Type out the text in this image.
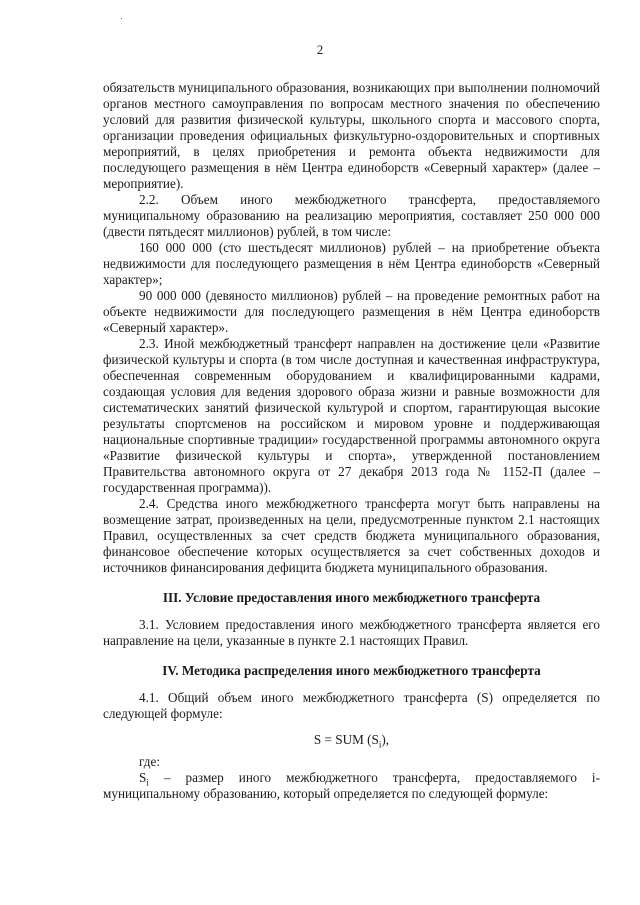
2

обязательств муниципального образования, возникающих при выполнении полномочий органов местного самоуправления по вопросам местного значения по обеспечению условий для развития физической культуры, школьного спорта и массового спорта, организации проведения официальных физкультурно-оздоровительных и спортивных мероприятий, в целях приобретения и ремонта объекта недвижимости для последующего размещения в нём Центра единоборств «Северный характер» (далее – мероприятие).

2.2. Объем иного межбюджетного трансферта, предоставляемого муниципальному образованию на реализацию мероприятия, составляет 250 000 000 (двести пятьдесят миллионов) рублей, в том числе:

160 000 000 (сто шестьдесят миллионов) рублей – на приобретение объекта недвижимости для последующего размещения в нём Центра единоборств «Северный характер»;

90 000 000 (девяносто миллионов) рублей – на проведение ремонтных работ на объекте недвижимости для последующего размещения в нём Центра единоборств «Северный характер».

2.3. Иной межбюджетный трансферт направлен на достижение цели «Развитие физической культуры и спорта (в том числе доступная и качественная инфраструктура, обеспеченная современным оборудованием и квалифицированными кадрами, создающая условия для ведения здорового образа жизни и равные возможности для систематических занятий физической культурой и спортом, гарантирующая высокие результаты спортсменов на российском и мировом уровне и поддерживающая национальные спортивные традиции» государственной программы автономного округа «Развитие физической культуры и спорта», утвержденной постановлением Правительства автономного округа от 27 декабря 2013 года № 1152-П (далее – государственная программа)).

2.4. Средства иного межбюджетного трансферта могут быть направлены на возмещение затрат, произведенных на цели, предусмотренные пунктом 2.1 настоящих Правил, осуществленных за счет средств бюджета муниципального образования, финансовое обеспечение которых осуществляется за счет собственных доходов и источников финансирования дефицита бюджета муниципального образования.

III. Условие предоставления иного межбюджетного трансферта

3.1. Условием предоставления иного межбюджетного трансферта является его направление на цели, указанные в пункте 2.1 настоящих Правил.

IV. Методика распределения иного межбюджетного трансферта

4.1. Общий объем иного межбюджетного трансферта (S) определяется по следующей формуле:

S = SUM $(S_i)$,

где:

$S_i$ – размер иного межбюджетного трансферта, предоставляемого i-муниципальному образованию, который определяется по следующей формуле:
